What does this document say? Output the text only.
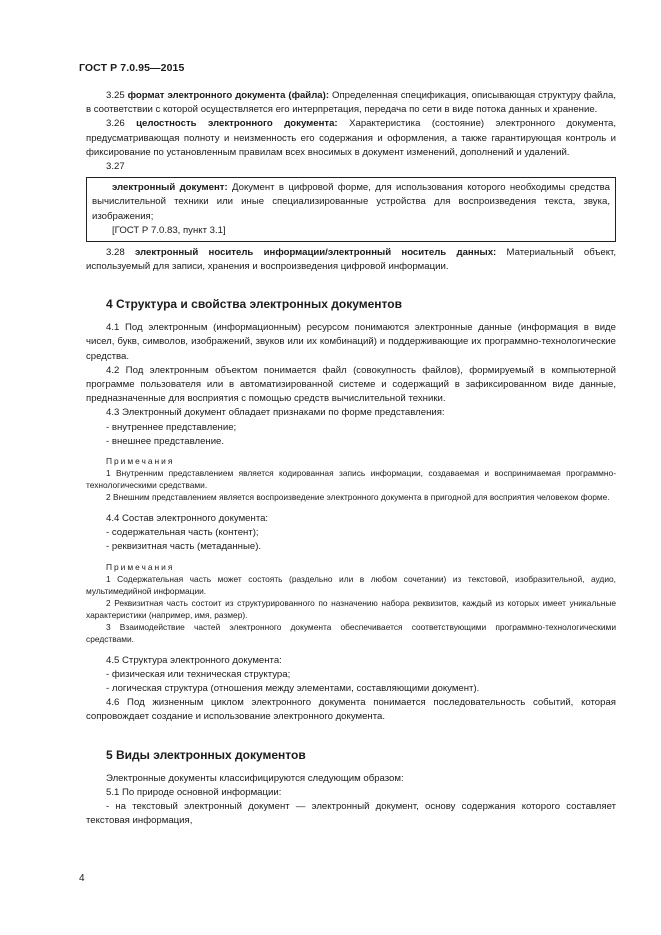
ГОСТ Р 7.0.95—2015

3.25 формат электронного документа (файла): Определенная спецификация, описывающая структуру файла, в соответствии с которой осуществляется его интерпретация, передача по сети в виде потока данных и хранение.

3.26 целостность электронного документа: Характеристика (состояние) электронного документа, предусматривающая полноту и неизменность его содержания и оформления, а также гарантирующая контроль и фиксирование по установленным правилам всех вносимых в документ изменений, дополнений и удалений.

3.27

электронный документ: Документ в цифровой форме, для использования которого необходимы средства вычислительной техники или иные специализированные устройства для воспроизведения текста, звука, изображения;

[ГОСТ Р 7.0.83, пункт 3.1]

3.28 электронный носитель информации/электронный носитель данных: Материальный объект, используемый для записи, хранения и воспроизведения цифровой информации.

4 Структура и свойства электронных документов

4.1 Под электронным (информационным) ресурсом понимаются электронные данные (информация в виде чисел, букв, символов, изображений, звуков или их комбинаций) и поддерживающие их программно-технологические средства.

4.2 Под электронным объектом понимается файл (совокупность файлов), формируемый в компьютерной программе пользователя или в автоматизированной системе и содержащий в зафиксированном виде данные, предназначенные для восприятия с помощью средств вычислительной техники.

4.3 Электронный документ обладает признаками по форме представления:

- внутреннее представление;

- внешнее представление.

Примечания

1 Внутренним представлением является кодированная запись информации, создаваемая и воспринимаемая программно-технологическими средствами.

2 Внешним представлением является воспроизведение электронного документа в пригодной для восприятия человеком форме.

4.4 Состав электронного документа:

- содержательная часть (контент);

- реквизитная часть (метаданные).

Примечания

1 Содержательная часть может состоять (раздельно или в любом сочетании) из текстовой, изобразительной, аудио, мультимедийной информации.

2 Реквизитная часть состоит из структурированного по назначению набора реквизитов, каждый из которых имеет уникальные характеристики (например, имя, размер).

3 Взаимодействие частей электронного документа обеспечивается соответствующими программно-технологическими средствами.

4.5 Структура электронного документа:

- физическая или техническая структура;

- логическая структура (отношения между элементами, составляющими документ).

4.6 Под жизненным циклом электронного документа понимается последовательность событий, которая сопровождает создание и использование электронного документа.

5 Виды электронных документов

Электронные документы классифицируются следующим образом:

5.1 По природе основной информации:

- на текстовый электронный документ — электронный документ, основу содержания которого составляет текстовая информация,

4
